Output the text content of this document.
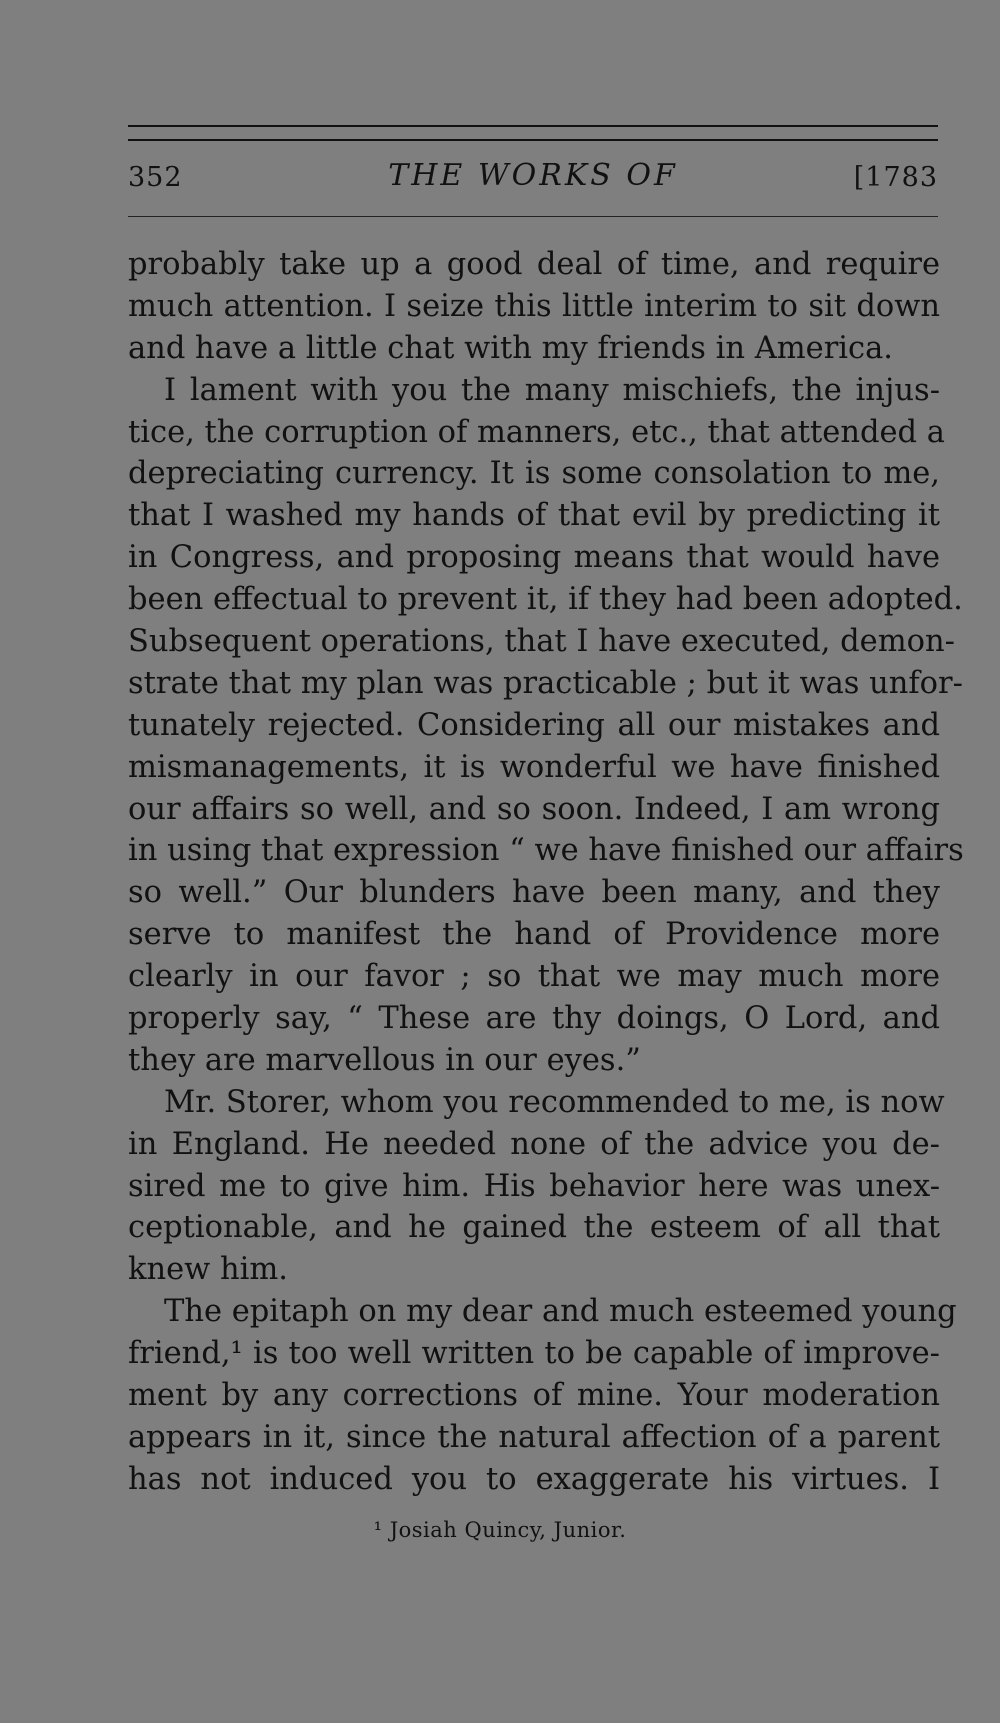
352	THE WORKS OF	[1783
probably take up a good deal of time, and require
much attention. I seize this little interim to sit down
and have a little chat with my friends in America.
I lament with you the many mischiefs, the injus-
tice, the corruption of manners, etc., that attended a
depreciating currency. It is some consolation to me,
that I washed my hands of that evil by predicting it
in Congress, and proposing means that would have
been effectual to prevent it, if they had been adopted.
Subsequent operations, that I have executed, demon-
strate that my plan was practicable ; but it was unfor-
tunately rejected. Considering all our mistakes and
mismanagements, it is wonderful we have finished
our affairs so well, and so soon. Indeed, I am wrong
in using that expression “ we have finished our affairs
so well.” Our blunders have been many, and they
serve to manifest the hand of Providence more
clearly in our favor ; so that we may much more
properly say, “ These are thy doings, O Lord, and
they are marvellous in our eyes.”
Mr. Storer, whom you recommended to me, is now
in England. He needed none of the advice you de-
sired me to give him. His behavior here was unex-
ceptionable, and he gained the esteem of all that
knew him.
The epitaph on my dear and much esteemed young
friend,¹ is too well written to be capable of improve-
ment by any corrections of mine. Your moderation
appears in it, since the natural affection of a parent
has not induced you to exaggerate his virtues. I
¹ Josiah Quincy, Junior.
